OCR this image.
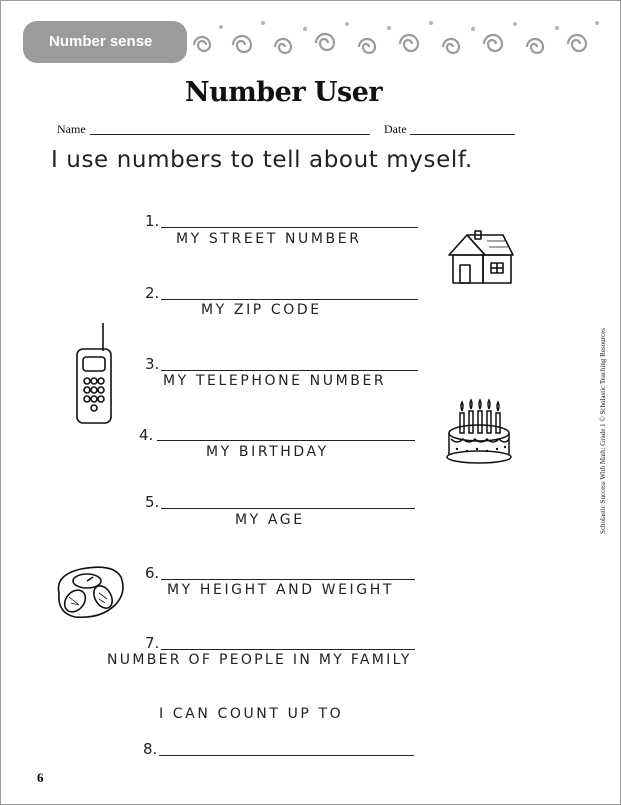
Number sense
Number User
Name	Date
I use numbers to tell about myself.
1.
MY STREET NUMBER
2.
MY ZIP CODE
3.
MY TELEPHONE NUMBER
4.
MY BIRTHDAY
5.
MY AGE
6.
MY HEIGHT AND WEIGHT
7.
NUMBER OF PEOPLE IN MY FAMILY
I CAN COUNT UP TO
8.
6
Scholastic Success With Math: Grade 1 © Scholastic Teaching Resources
